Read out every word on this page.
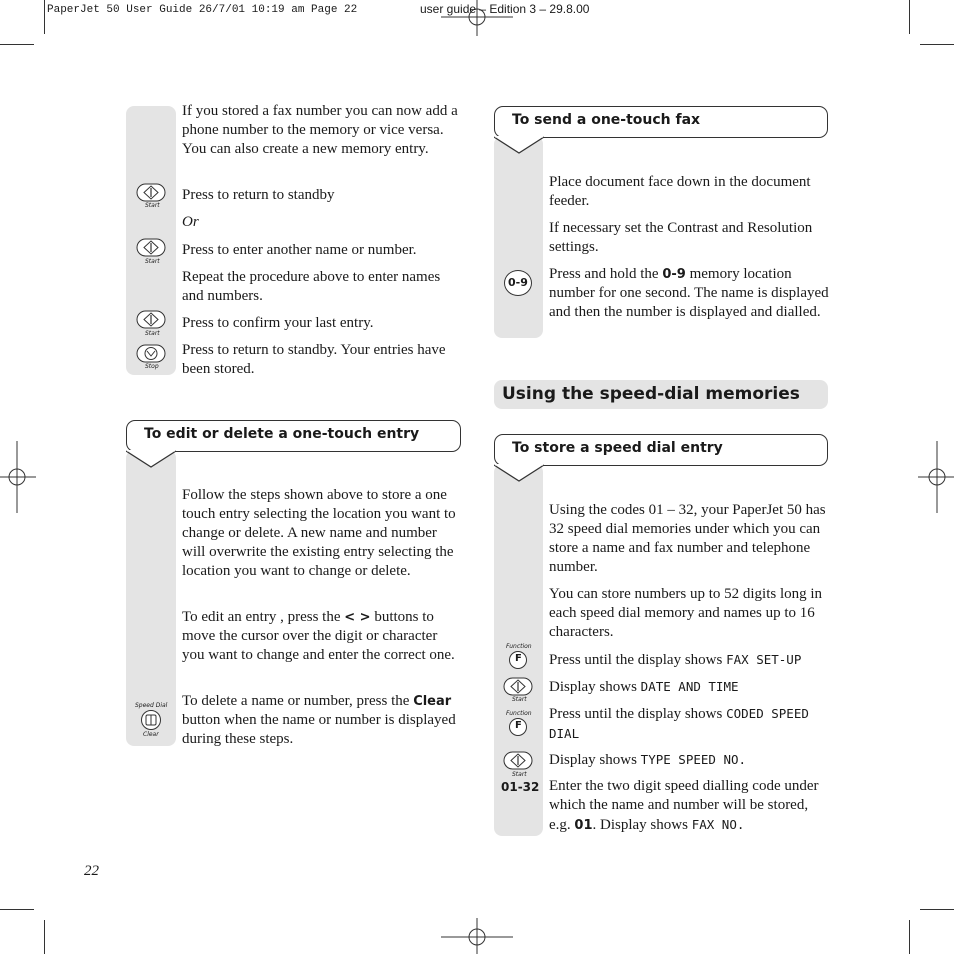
PaperJet 50 User Guide 26/7/01 10:19 am Page 22	user guide – Edition 3 – 29.8.00
If you stored a fax number you can now add a phone number to the memory or vice versa. You can also create a new memory entry.
Start
Press to return to standby
Or
Start
Press to enter another name or number.
Repeat the procedure above to enter names and numbers.
Start
Press to confirm your last entry.
Stop
Press to return to standby. Your entries have been stored.
To edit or delete a one-touch entry
Follow the steps shown above to store a one touch entry selecting the location you want to change or delete. A new name and number will overwrite the existing entry selecting the location you want to change or delete.
To edit an entry , press the < > buttons to move the cursor over the digit or character you want to change and enter the correct one.
Speed Dial
Clear
To delete a name or number, press the Clear button when the name or number is displayed during these steps.
22
To send a one-touch fax
Place document face down in the document feeder.
If necessary set the Contrast and Resolution settings.
0-9
Press and hold the 0-9 memory location number for one second. The name is displayed and then the number is displayed and dialled.
Using the speed-dial memories
To store a speed dial entry
Using the codes 01 – 32, your PaperJet 50 has 32 speed dial memories under which you can store a name and fax number and telephone number.
You can store numbers up to 52 digits long in each speed dial memory and names up to 16 characters.
Function
F Press until the display shows FAX SET-UP
Start
Display shows DATE AND TIME
Function
F
Press until the display shows CODED SPEED
DIAL
Start
Display shows TYPE SPEED NO.
01-32 Enter the two digit speed dialling code under which the name and number will be stored, e.g. 01. Display shows FAX NO.
